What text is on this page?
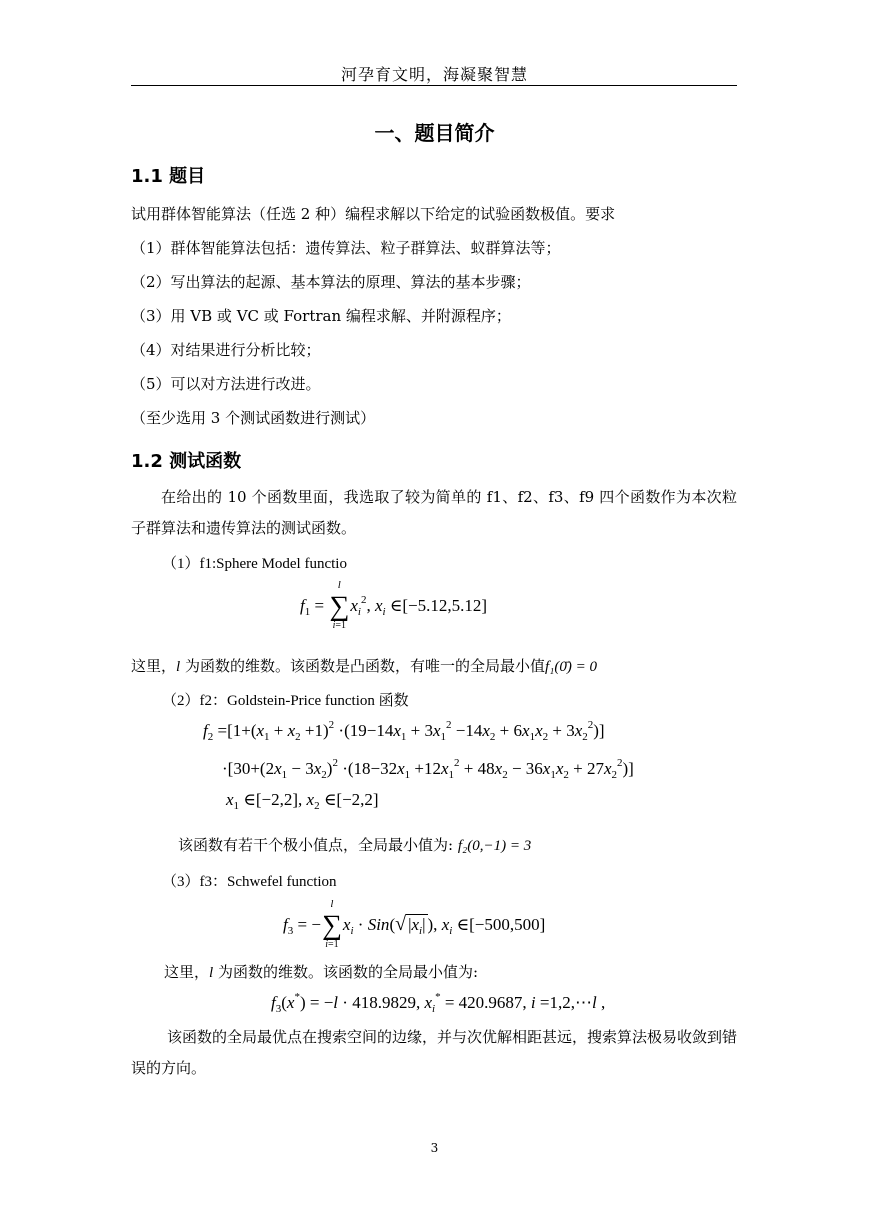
河孕育文明，海凝聚智慧
一、题目简介
1.1 题目
试用群体智能算法（任选 2 种）编程求解以下给定的试验函数极值。要求
（1）群体智能算法包括：遗传算法、粒子群算法、蚁群算法等；
（2）写出算法的起源、基本算法的原理、算法的基本步骤；
（3）用 VB 或 VC 或 Fortran 编程求解、并附源程序；
（4）对结果进行分析比较；
（5）可以对方法进行改进。
（至少选用 3 个测试函数进行测试）
1.2 测试函数
在给出的 10 个函数里面，我选取了较为简单的 f1、f2、f3、f9 四个函数作为本次粒子群算法和遗传算法的测试函数。
（1）f1:Sphere Model functio
$f_1$ = ∑
l
i=1
$x_i^2$, $x_i$ ∈[−5.12,5.12]
这里，l 为函数的维数。该函数是凸函数，有唯一的全局最小值f₁(0̄) = 0
（2）f2：Goldstein-Price function 函数
$f_2 =[1+(x_1 + x_2 +1)^2 \cdot(19-14x_1 + 3x_1^2 -14x_2 + 6x_1x_2 + 3x_2^2)]$
$\cdot[30+(2x_1 - 3x_2)^2 \cdot(18-32x_1 +12x_1^2 + 48x_2 - 36x_1x_2 + 27x_2^2)]$
$x_1$ ∈[−2,2], $x_2$ ∈[−2,2]
该函数有若干个极小值点，全局最小值为: f₂(0,−1) = 3
（3）f3：Schwefel function
$f_3$ = −∑
l
i=1
$x_i \cdot Sin(√$ $|x_i|$ ), $x_i$ ∈[−500,500]
这里，l 为函数的维数。该函数的全局最小值为:
$f_3(x^*) = -l \cdot 418.9829$, $x_i^* = 420.9687$, i =1,2,⋯l ,
该函数的全局最优点在搜索空间的边缘，并与次优解相距甚远，搜索算法极易收敛到错误的方向。
3
